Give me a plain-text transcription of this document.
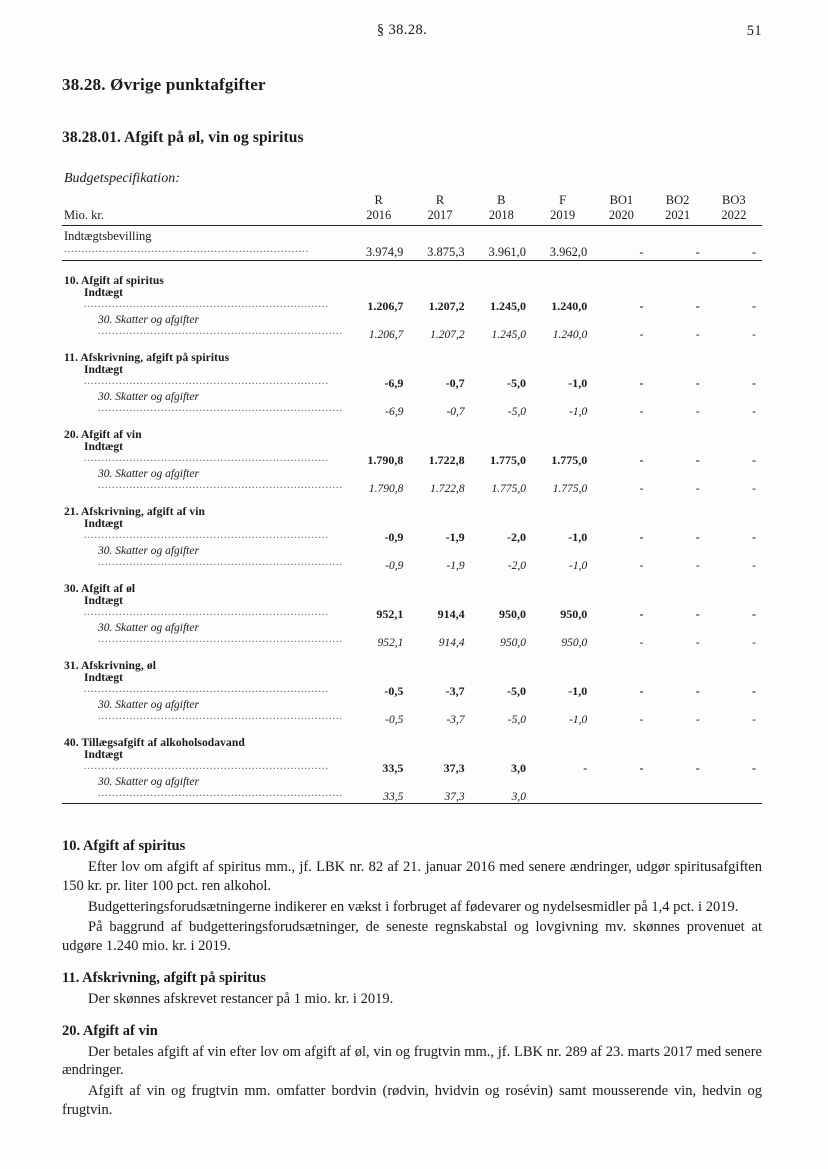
§ 38.28.	51
38.28. Øvrige punktafgifter
38.28.01. Afgift på øl, vin og spiritus
Budgetspecifikation:
	R	R	B	F	BO1	BO2	BO3
Mio. kr.	2016	2017	2018	2019	2020	2021	2022

Indtægtsbevilling......................................................................	3.974,9	3.875,3	3.961,0	3.962,0	-	-	-

10. Afgift af spiritus							
Indtægt......................................................................	1.206,7	1.207,2	1.245,0	1.240,0	-	-	-
30. Skatter og afgifter......................................................................	1.206,7	1.207,2	1.245,0	1.240,0	-	-	-
11. Afskrivning, afgift på spiritus							
Indtægt......................................................................	-6,9	-0,7	-5,0	-1,0	-	-	-
30. Skatter og afgifter......................................................................	-6,9	-0,7	-5,0	-1,0	-	-	-
20. Afgift af vin							
Indtægt......................................................................	1.790,8	1.722,8	1.775,0	1.775,0	-	-	-
30. Skatter og afgifter......................................................................	1.790,8	1.722,8	1.775,0	1.775,0	-	-	-
21. Afskrivning, afgift af vin							
Indtægt......................................................................	-0,9	-1,9	-2,0	-1,0	-	-	-
30. Skatter og afgifter......................................................................	-0,9	-1,9	-2,0	-1,0	-	-	-
30. Afgift af øl							
Indtægt......................................................................	952,1	914,4	950,0	950,0	-	-	-
30. Skatter og afgifter......................................................................	952,1	914,4	950,0	950,0	-	-	-
31. Afskrivning, øl							
Indtægt......................................................................	-0,5	-3,7	-5,0	-1,0	-	-	-
30. Skatter og afgifter......................................................................	-0,5	-3,7	-5,0	-1,0	-	-	-
40. Tillægsafgift af alkoholsodavand							
Indtægt......................................................................	33,5	37,3	3,0	-	-	-	-
30. Skatter og afgifter......................................................................	33,5	37,3	3,0				

10. Afgift af spiritus

Efter lov om afgift af spiritus mm., jf. LBK nr. 82 af 21. januar 2016 med senere ændringer, udgør spiritusafgiften 150 kr. pr. liter 100 pct. ren alkohol.

Budgetteringsforudsætningerne indikerer en vækst i forbruget af fødevarer og nydelsesmidler på 1,4 pct. i 2019.

På baggrund af budgetteringsforudsætninger, de seneste regnskabstal og lovgivning mv. skønnes provenuet at udgøre 1.240 mio. kr. i 2019.

11. Afskrivning, afgift på spiritus

Der skønnes afskrevet restancer på 1 mio. kr. i 2019.

20. Afgift af vin

Der betales afgift af vin efter lov om afgift af øl, vin og frugtvin mm., jf. LBK nr. 289 af 23. marts 2017 med senere ændringer.

Afgift af vin og frugtvin mm. omfatter bordvin (rødvin, hvidvin og rosévin) samt mousserende vin, hedvin og frugtvin.
